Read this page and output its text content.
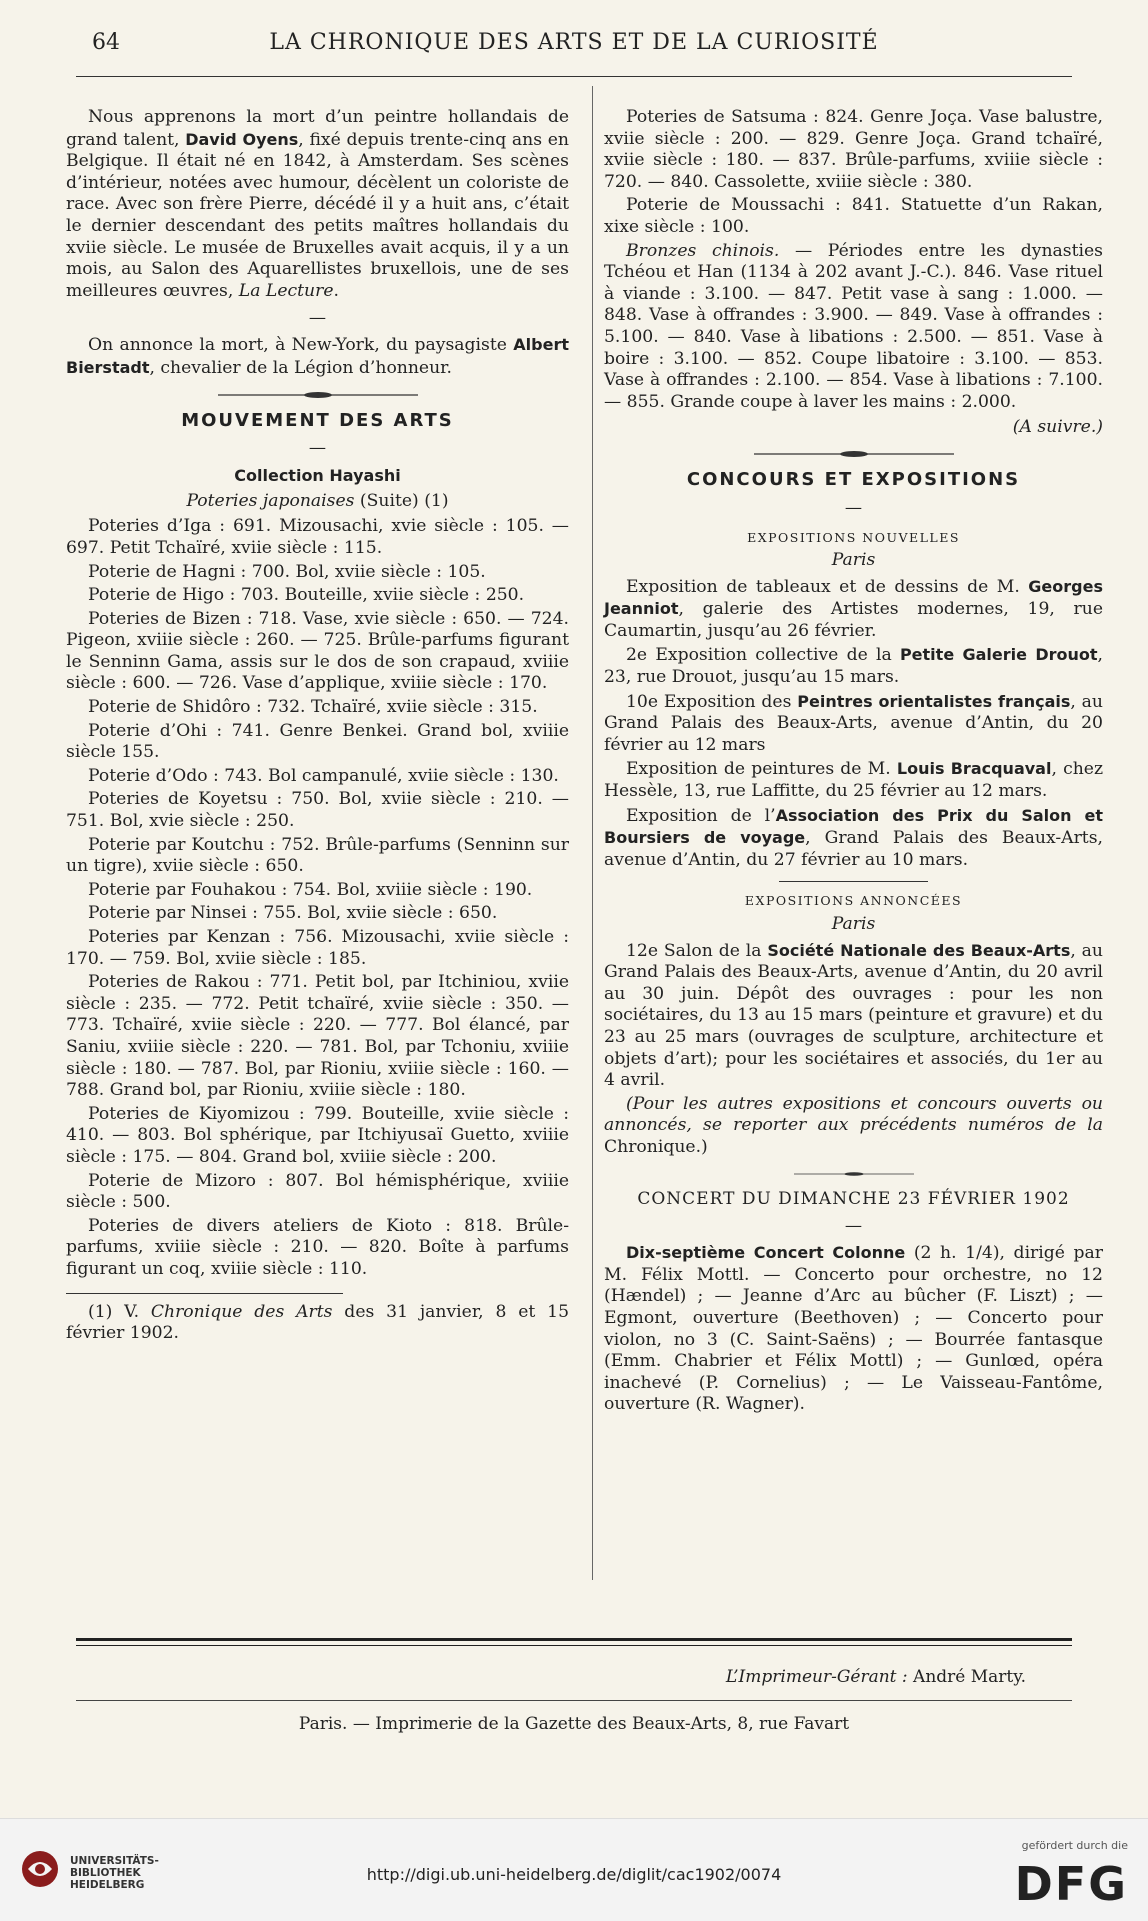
64	LA CHRONIQUE DES ARTS ET DE LA CURIOSITÉ

Nous apprenons la mort d’un peintre hollandais de grand talent, David Oyens, fixé depuis trente-cinq ans en Belgique. Il était né en 1842, à Amsterdam. Ses scènes d’intérieur, notées avec humour, décèlent un coloriste de race. Avec son frère Pierre, décédé il y a huit ans, c’était le dernier descendant des petits maîtres hollandais du xviie siècle. Le musée de Bruxelles avait acquis, il y a un mois, au Salon des Aquarellistes bruxellois, une de ses meilleures œuvres, La Lecture.

—

On annonce la mort, à New-York, du paysagiste Albert Bierstadt, chevalier de la Légion d’honneur.

MOUVEMENT DES ARTS
—
Collection Hayashi
Poteries japonaises (Suite) (1)

Poteries d’Iga : 691. Mizousachi, xvie siècle : 105. — 697. Petit Tchaïré, xviie siècle : 115.

Poterie de Hagni : 700. Bol, xviie siècle : 105.

Poterie de Higo : 703. Bouteille, xviie siècle : 250.

Poteries de Bizen : 718. Vase, xvie siècle : 650. — 724. Pigeon, xviiie siècle : 260. — 725. Brûle-parfums figurant le Senninn Gama, assis sur le dos de son crapaud, xviiie siècle : 600. — 726. Vase d’applique, xviiie siècle : 170.

Poterie de Shidôro : 732. Tchaïré, xviie siècle : 315.

Poterie d’Ohi : 741. Genre Benkei. Grand bol, xviiie siècle 155.

Poterie d’Odo : 743. Bol campanulé, xviie siècle : 130.

Poteries de Koyetsu : 750. Bol, xviie siècle : 210. — 751. Bol, xvie siècle : 250.

Poterie par Koutchu : 752. Brûle-parfums (Senninn sur un tigre), xviie siècle : 650.

Poterie par Fouhakou : 754. Bol, xviiie siècle : 190.

Poterie par Ninsei : 755. Bol, xviie siècle : 650.

Poteries par Kenzan : 756. Mizousachi, xviie siècle : 170. — 759. Bol, xviie siècle : 185.

Poteries de Rakou : 771. Petit bol, par Itchiniou, xviie siècle : 235. — 772. Petit tchaïré, xviie siècle : 350. — 773. Tchaïré, xviie siècle : 220. — 777. Bol élancé, par Saniu, xviiie siècle : 220. — 781. Bol, par Tchoniu, xviiie siècle : 180. — 787. Bol, par Rioniu, xviiie siècle : 160. — 788. Grand bol, par Rioniu, xviiie siècle : 180.

Poteries de Kiyomizou : 799. Bouteille, xviie siècle : 410. — 803. Bol sphérique, par Itchiyusaï Guetto, xviiie siècle : 175. — 804. Grand bol, xviiie siècle : 200.

Poterie de Mizoro : 807. Bol hémisphérique, xviiie siècle : 500.

Poteries de divers ateliers de Kioto : 818. Brûle-parfums, xviiie siècle : 210. — 820. Boîte à parfums figurant un coq, xviiie siècle : 110.

(1) V. Chronique des Arts des 31 janvier, 8 et 15 février 1902.

Poteries de Satsuma : 824. Genre Joça. Vase balustre, xviie siècle : 200. — 829. Genre Joça. Grand tchaïré, xviie siècle : 180. — 837. Brûle-parfums, xviiie siècle : 720. — 840. Cassolette, xviiie siècle : 380.

Poterie de Moussachi : 841. Statuette d’un Rakan, xixe siècle : 100.

Bronzes chinois. — Périodes entre les dynasties Tchéou et Han (1134 à 202 avant J.-C.). 846. Vase rituel à viande : 3.100. — 847. Petit vase à sang : 1.000. — 848. Vase à offrandes : 3.900. — 849. Vase à offrandes : 5.100. — 840. Vase à libations : 2.500. — 851. Vase à boire : 3.100. — 852. Coupe libatoire : 3.100. — 853. Vase à offrandes : 2.100. — 854. Vase à libations : 7.100. — 855. Grande coupe à laver les mains : 2.000.

(A suivre.)
CONCOURS ET EXPOSITIONS
—
EXPOSITIONS NOUVELLES
Paris

Exposition de tableaux et de dessins de M. Georges Jeanniot, galerie des Artistes modernes, 19, rue Caumartin, jusqu’au 26 février.

2e Exposition collective de la Petite Galerie Drouot, 23, rue Drouot, jusqu’au 15 mars.

10e Exposition des Peintres orientalistes français, au Grand Palais des Beaux-Arts, avenue d’Antin, du 20 février au 12 mars

Exposition de peintures de M. Louis Bracquaval, chez Hessèle, 13, rue Laffitte, du 25 février au 12 mars.

Exposition de l’Association des Prix du Salon et Boursiers de voyage, Grand Palais des Beaux-Arts, avenue d’Antin, du 27 février au 10 mars.

EXPOSITIONS ANNONCÉES
Paris

12e Salon de la Société Nationale des Beaux-Arts, au Grand Palais des Beaux-Arts, avenue d’Antin, du 20 avril au 30 juin. Dépôt des ouvrages : pour les non sociétaires, du 13 au 15 mars (peinture et gravure) et du 23 au 25 mars (ouvrages de sculpture, architecture et objets d’art); pour les sociétaires et associés, du 1er au 4 avril.

(Pour les autres expositions et concours ouverts ou annoncés, se reporter aux précédents numéros de la Chronique.)

CONCERT DU DIMANCHE 23 FÉVRIER 1902
—

Dix-septième Concert Colonne (2 h. 1/4), dirigé par M. Félix Mottl. — Concerto pour orchestre, no 12 (Hændel) ; — Jeanne d’Arc au bûcher (F. Liszt) ; — Egmont, ouverture (Beethoven) ; — Concerto pour violon, no 3 (C. Saint-Saëns) ; — Bourrée fantasque (Emm. Chabrier et Félix Mottl) ; — Gunlœd, opéra inachevé (P. Cornelius) ; — Le Vaisseau-Fantôme, ouverture (R. Wagner).

L’Imprimeur-Gérant : André Marty.
Paris. — Imprimerie de la Gazette des Beaux-Arts, 8, rue Favart
UNIVERSITÄTS-
BIBLIOTHEK
HEIDELBERG
http://digi.ub.uni-heidelberg.de/diglit/cac1902/0074
gefördert durch die
DFG
